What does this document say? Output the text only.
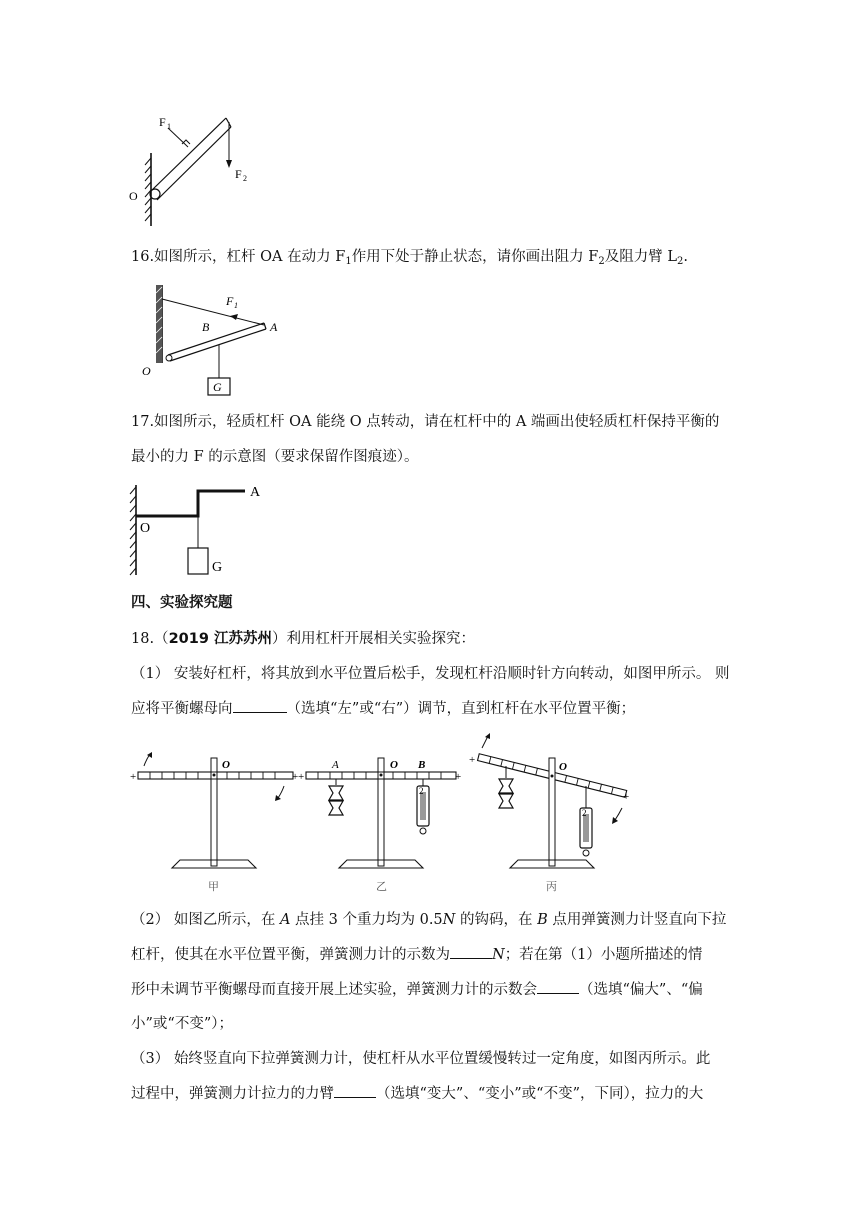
F 1
F 2
O
16.如图所示，杠杆 OA 在动力 $F_1$作用下处于静止状态，请你画出阻力 $F_2$及阻力臂 $L_2$.
F 1
B	A
O
G
17.如图所示，轻质杠杆 OA 能绕 O 点转动，请在杠杆中的 A 端画出使轻质杠杆保持平衡的
最小的力 F 的示意图（要求保留作图痕迹）。
A
O
G
四、实验探究题
18.（2019 江苏苏州）利用杠杆开展相关实验探究：
（1） 安装好杠杆，将其放到水平位置后松手，发现杠杆沿顺时针方向转动，如图甲所示。 则
应将平衡螺母向	（选填“左”或“右”）调节，直到杠杆在水平位置平衡；
+	+
O
甲
+	+
2
A	O B
乙
+
+
2
O
丙
（2） 如图乙所示，在 A 点挂 3 个重力均为 0.5N 的钩码，在 B 点用弹簧测力计竖直向下拉
杠杆，使其在水平位置平衡，弹簧测力计的示数为	N；若在第（1）小题所描述的情
形中未调节平衡螺母而直接开展上述实验，弹簧测力计的示数会	（选填“偏大”、“偏
小”或“不变”）；
（3） 始终竖直向下拉弹簧测力计，使杠杆从水平位置缓慢转过一定角度，如图丙所示。此
过程中，弹簧测力计拉力的力臂	（选填“变大”、“变小”或“不变”，下同），拉力的大
